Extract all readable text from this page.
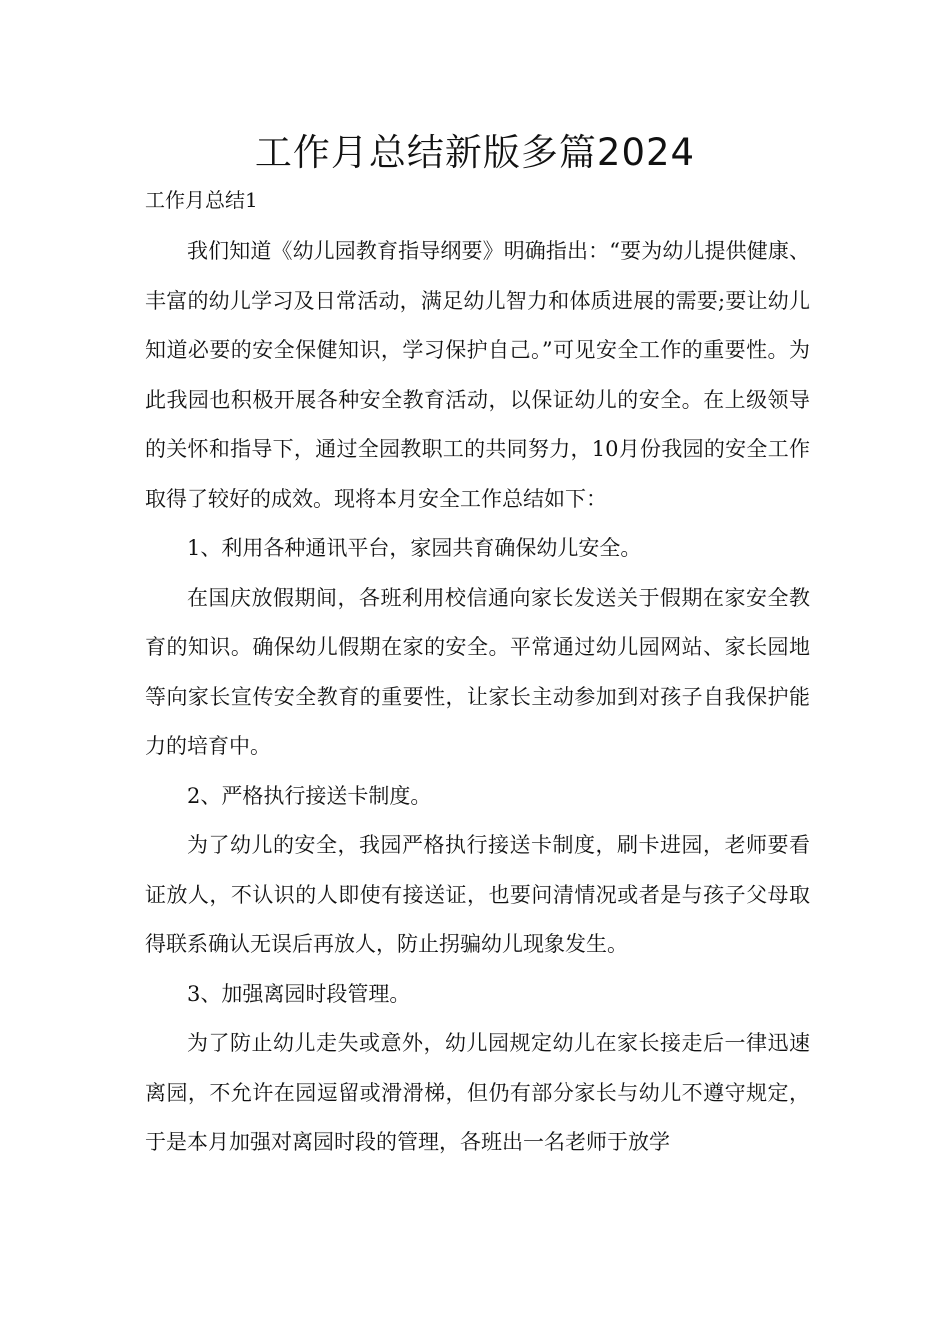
工作月总结新版多篇2024
工作月总结1

我们知道《幼儿园教育指导纲要》明确指出：“要为幼儿提供健康、丰富的幼儿学习及日常活动，满足幼儿智力和体质进展的需要;要让幼儿知道必要的安全保健知识，学习保护自己。”可见安全工作的重要性。为此我园也积极开展各种安全教育活动，以保证幼儿的安全。在上级领导的关怀和指导下，通过全园教职工的共同努力，10月份我园的安全工作取得了较好的成效。现将本月安全工作总结如下：

1、利用各种通讯平台，家园共育确保幼儿安全。

在国庆放假期间，各班利用校信通向家长发送关于假期在家安全教育的知识。确保幼儿假期在家的安全。平常通过幼儿园网站、家长园地等向家长宣传安全教育的重要性，让家长主动参加到对孩子自我保护能力的培育中。

2、严格执行接送卡制度。

为了幼儿的安全，我园严格执行接送卡制度，刷卡进园，老师要看证放人，不认识的人即使有接送证，也要问清情况或者是与孩子父母取得联系确认无误后再放人，防止拐骗幼儿现象发生。

3、加强离园时段管理。

为了防止幼儿走失或意外，幼儿园规定幼儿在家长接走后一律迅速离园，不允许在园逗留或滑滑梯，但仍有部分家长与幼儿不遵守规定，于是本月加强对离园时段的管理，各班出一名老师于放学
